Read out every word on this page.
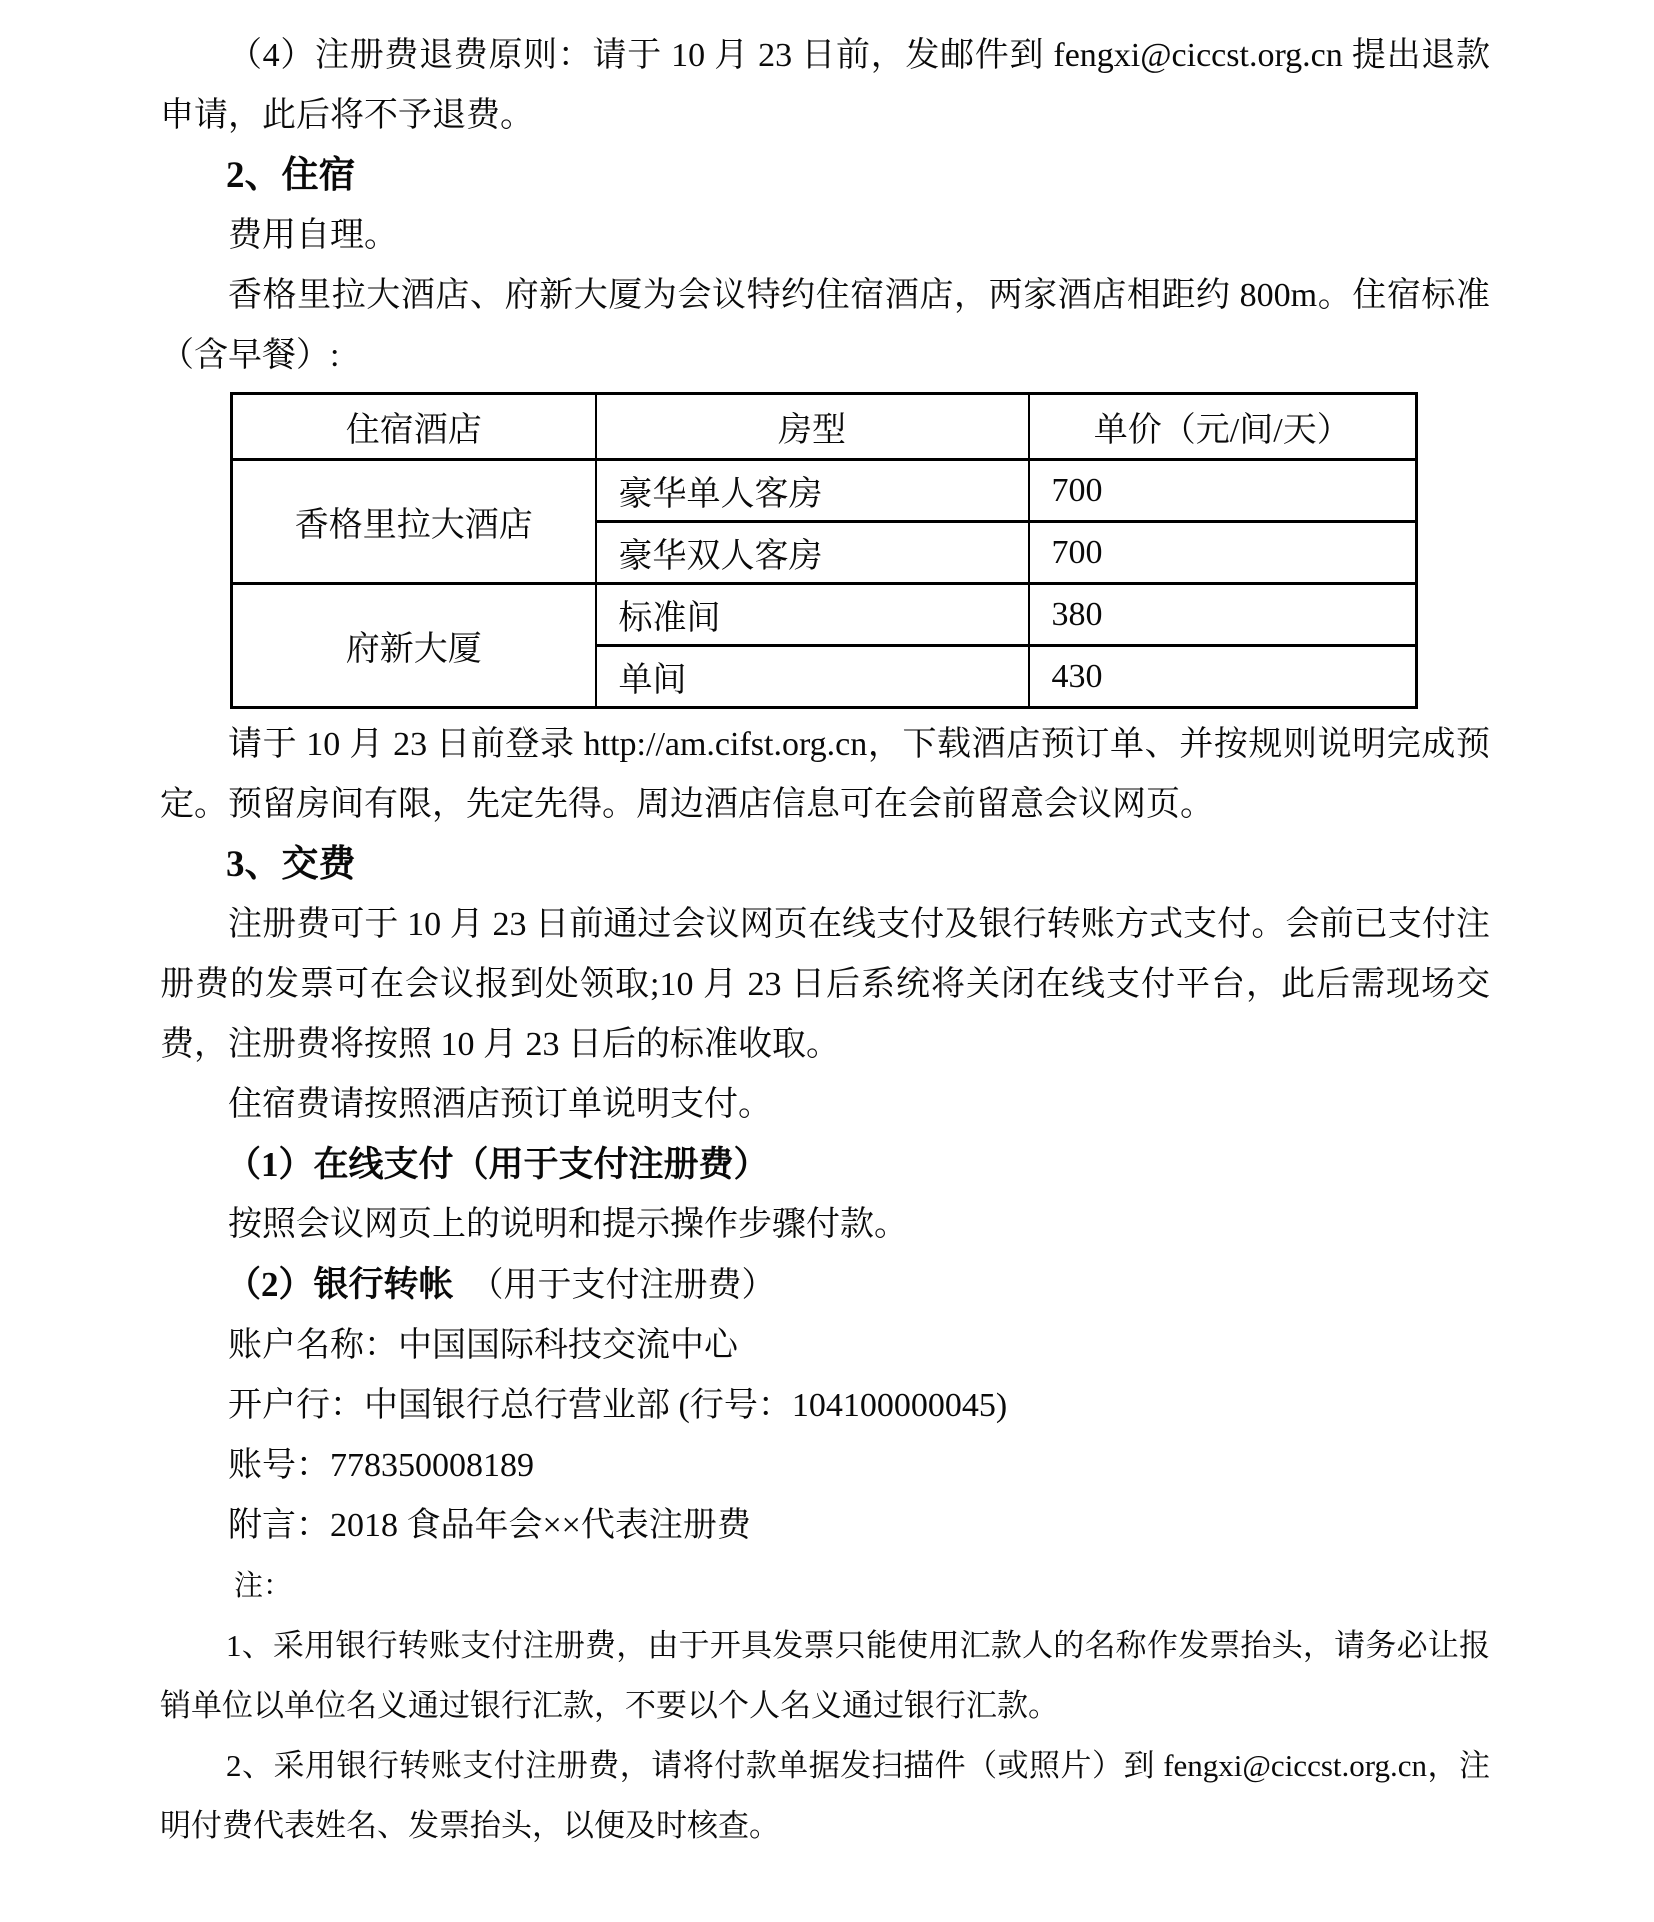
（4）注册费退费原则：请于 10 月 23 日前，发邮件到 fengxi@ciccst.org.cn 提出退款申请，此后将不予退费。

2、住宿

费用自理。

香格里拉大酒店、府新大厦为会议特约住宿酒店，两家酒店相距约 800m。住宿标准（含早餐）:

住宿酒店	房型	单价（元/间/天）
香格里拉大酒店	豪华单人客房	700
	豪华双人客房	700
府新大厦	标准间	380
	单间	430

请于 10 月 23 日前登录 http://am.cifst.org.cn，下载酒店预订单、并按规则说明完成预定。预留房间有限，先定先得。周边酒店信息可在会前留意会议网页。

3、交费

注册费可于 10 月 23 日前通过会议网页在线支付及银行转账方式支付。会前已支付注册费的发票可在会议报到处领取;10 月 23 日后系统将关闭在线支付平台，此后需现场交费，注册费将按照 10 月 23 日后的标准收取。

住宿费请按照酒店预订单说明支付。

（1）在线支付（用于支付注册费）

按照会议网页上的说明和提示操作步骤付款。

（2）银行转帐 （用于支付注册费）

账户名称：中国国际科技交流中心

开户行：中国银行总行营业部 (行号：104100000045)

账号：778350008189

附言：2018 食品年会××代表注册费

注：

1、采用银行转账支付注册费，由于开具发票只能使用汇款人的名称作发票抬头，请务必让报销单位以单位名义通过银行汇款，不要以个人名义通过银行汇款。

2、采用银行转账支付注册费，请将付款单据发扫描件（或照片）到 fengxi@ciccst.org.cn，注明付费代表姓名、发票抬头，以便及时核查。
